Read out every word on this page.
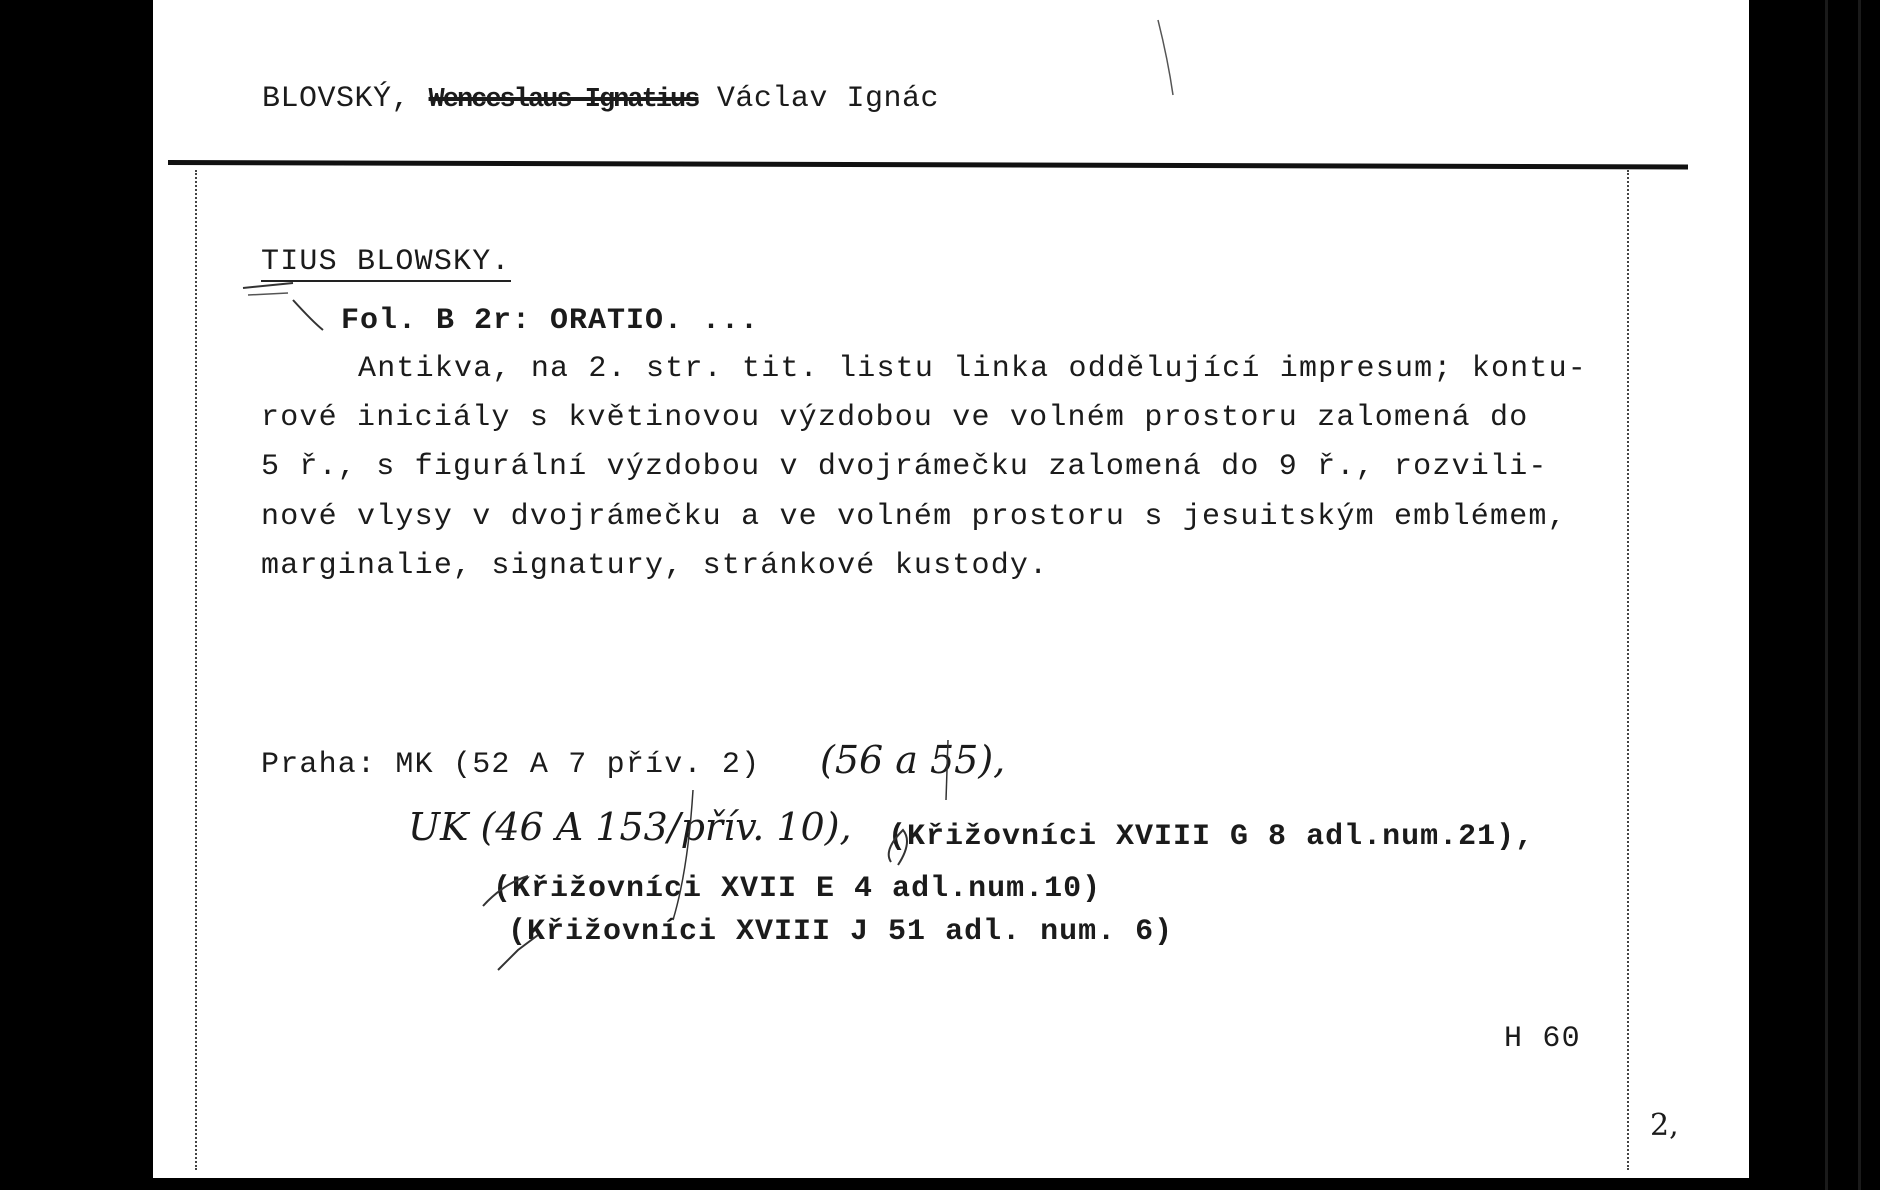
BLOVSKÝ, Wenceslaus Ignatius Václav Ignác
TIUS BLOWSKY.
Fol. B 2r: ORATIO. ...
Antikva, na 2. str. tit. listu linka oddělující impresum; kontu-
rové iniciály s květinovou výzdobou ve volném prostoru zalomená do
5 ř., s figurální výzdobou v dvojrámečku zalomená do 9 ř., rozvili-
nové vlysy v dvojrámečku a ve volném prostoru s jesuitským emblémem,
marginalie, signatury, stránkové kustody.
Praha: MK (52 A 7 přív. 2) (56 a 55),
UK (46 A 153/přív. 10), (Křižovníci XVIII G 8 adl.num.21),
(Křižovníci XVII E 4 adl.num.10)
(Křižovníci XVIII J 51 adl. num. 6)
H 60
2,
